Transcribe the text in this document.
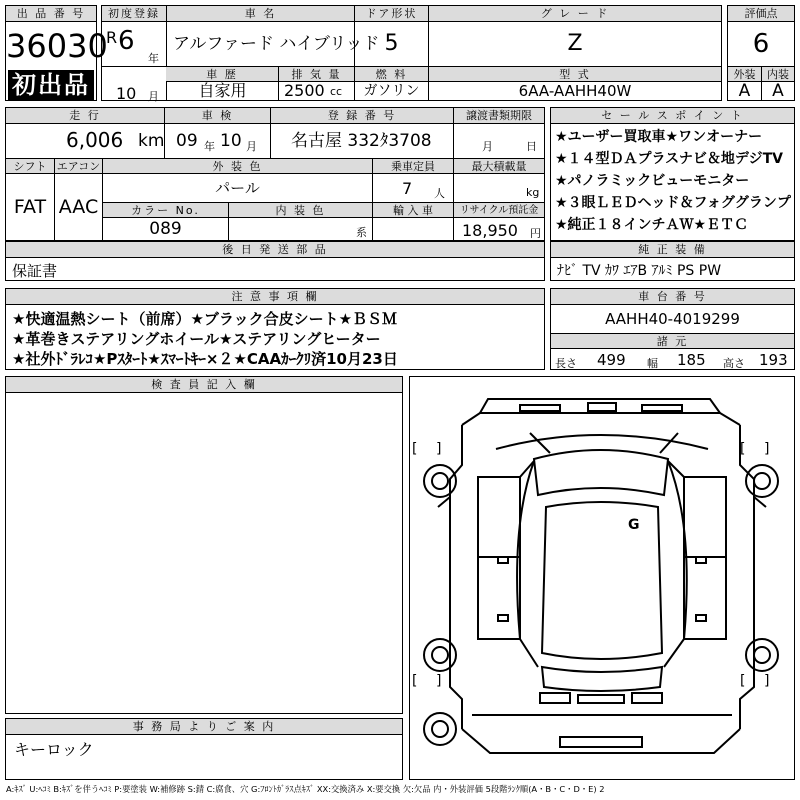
出 品 番 号
36030
初出品
初度登録	車 名	ドア形状	グ レ ー ド
R 6
年
アルファード ハイブリッド 5	Z
車 歴	排 気 量	燃 料	型 式
10 月	自家用	2500 cc	ガソリン	6AA-AAHH40W
評価点
6
外装	内装
A	A
走 行	車 検	登 録 番 号	譲渡書類期限
6,006 km 09 年 10 月	名古屋 332ﾀ3708	月	日
シフト エアコン	外 装 色	乗車定員	最大積載量
FAT AAC
パール	7 人	kg
カラー No.	内 装 色	輸 入 車	リサイクル預託金
089	系	18,950 円
後 日 発 送 部 品
保証書
セ ー ル ス ポ イ ン ト
★ユーザー買取車★ワンオーナー
★１４型ＤＡプラスナビ＆地デジTV
★パノラミックビューモニター
★３眼ＬＥＤヘッド＆フォググランプ
★純正１８インチＡＷ★ＥＴＣ
純 正 装 備
ﾅﾋﾞ TV ｶﾜ ｴｱB ｱﾙﾐ PS PW
注 意 事 項 欄
★快適温熱シート（前席）★ブラック合皮シート★ＢＳＭ
★革巻きステアリングホイール★ステアリングヒーター
★社外ﾄﾞﾗﾚｺ★Pｽﾀｰﾄ★ｽﾏｰﾄｷｰ×２★CAAｶｰｸﾘ済10月23日
車 台 番 号
AAHH40-4019299
諸 元
長さ 499 幅 185 高さ 193
検 査 員 記 入 欄
事 務 局 よ り ご 案 内
キーロック
[ ]	[ ]
[ ]	[ ]
G
A:ｷｽﾞ U:ﾍｺﾐ B:ｷｽﾞを伴うﾍｺﾐ P:要塗装 W:補修跡 S:錆 C:腐食、穴 G:ﾌﾛﾝﾄｶﾞﾗｽ点ｷｽﾞ XX:交換済み X:要交換 欠:欠品 内・外装評価 5段階ﾗﾝｸ順(A・B・C・D・E) 2
